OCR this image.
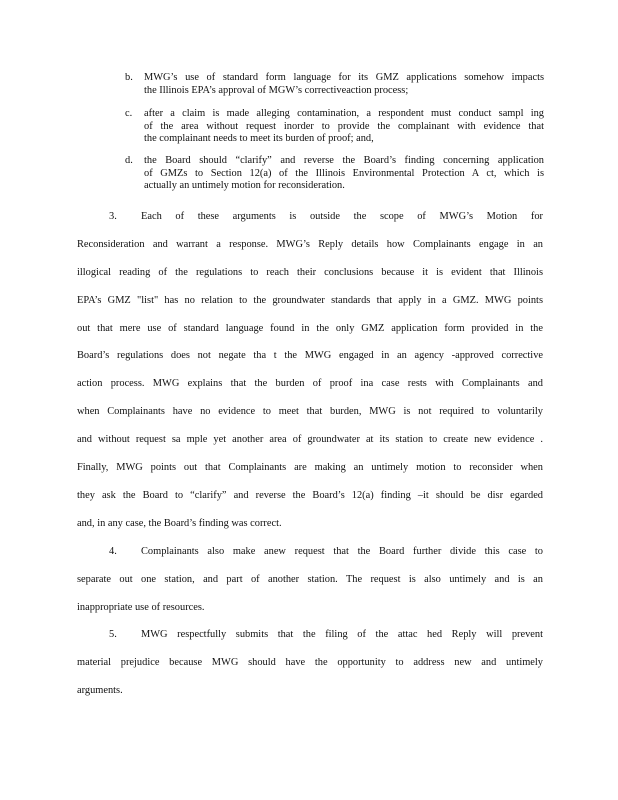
b. MWG’s use of standard form language for its GMZ applications somehow impacts
the Illinois EPA’s approval of MGW’s correctiveaction process;
c. after a claim is made alleging contamination, a respondent must conduct sampl ing
of the area without request inorder to provide the complainant with evidence that
the complainant needs to meet its burden of proof; and,
d. the Board should “clarify” and reverse the Board’s finding concerning application
of GMZs to Section 12(a) of the Illinois Environmental Protection A ct, which is
actually an untimely motion for reconsideration.
3. Each of these arguments is outside the scope of MWG’s Motion for
Reconsideration and warrant a response. MWG’s Reply details how Complainants engage in an
illogical reading of the regulations to reach their conclusions because it is evident that Illinois
EPA’s GMZ "list" has no relation to the groundwater standards that apply in a GMZ. MWG points
out that mere use of standard language found in the only GMZ application form provided in the
Board’s regulations does not negate tha t the MWG engaged in an agency -approved corrective
action process. MWG explains that the burden of proof ina case rests with Complainants and
when Complainants have no evidence to meet that burden, MWG is not required to voluntarily
and without request sa mple yet another area of groundwater at its station to create new evidence .
Finally, MWG points out that Complainants are making an untimely motion to reconsider when
they ask the Board to “clarify” and reverse the Board’s 12(a) finding –it should be disr egarded
and, in any case, the Board’s finding was correct.
4. Complainants also make anew request that the Board further divide this case to
separate out one station, and part of another station. The request is also untimely and is an
inappropriate use of resources.
5. MWG respectfully submits that the filing of the attac hed Reply will prevent
material prejudice because MWG should have the opportunity to address new and untimely
arguments.
